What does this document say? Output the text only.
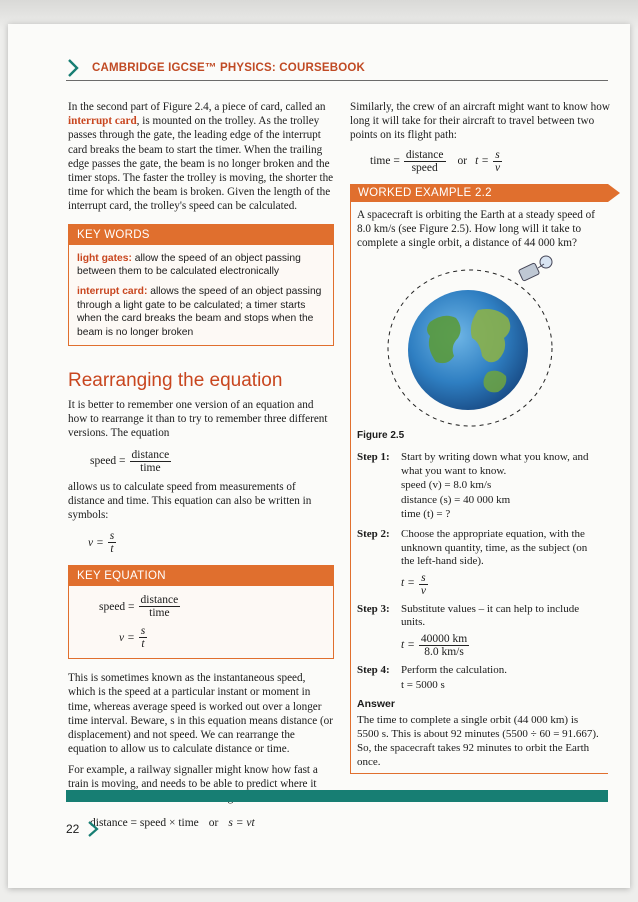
CAMBRIDGE IGCSE™ PHYSICS: COURSEBOOK

In the second part of Figure 2.4, a piece of card, called an interrupt card, is mounted on the trolley. As the trolley passes through the gate, the leading edge of the interrupt card breaks the beam to start the timer. When the trailing edge passes the gate, the beam is no longer broken and the timer stops. The faster the trolley is moving, the shorter the time for which the beam is broken. Given the length of the interrupt card, the trolley's speed can be calculated.

KEY WORDS

light gates: allow the speed of an object passing between them to be calculated electronically

interrupt card: allows the speed of an object passing through a light gate to be calculated; a timer starts when the card breaks the beam and stops when the beam is no longer broken

Rearranging the equation

It is better to remember one version of an equation and how to rearrange it than to try to remember three different versions. The equation

speed = $\frac{\text{distance}}{\text{time}}$

allows us to calculate speed from measurements of distance and time. This equation can also be written in symbols:

$v = \frac{s}{t}$
KEY EQUATION
speed = $\frac{\text{distance}}{\text{time}}$
$v = \frac{s}{t}$

This is sometimes known as the instantaneous speed, which is the speed at a particular instant or moment in time, whereas average speed is worked out over a longer time interval. Beware, s in this equation means distance (or displacement) and not speed. We can rearrange the equation to allow us to calculate distance or time.

For example, a railway signaller might know how fast a train is moving, and needs to be able to predict where it

distance = speed × time or s = vt

Similarly, the crew of an aircraft might want to know how long it will take for their aircraft to travel between two points on its flight path:

time = $\frac{\text{distance}}{\text{speed}}$ or $t = \frac{s}{v}$
WORKED EXAMPLE 2.2

A spacecraft is orbiting the Earth at a steady speed of 8.0 km/s (see Figure 2.5). How long will it take to complete a single orbit, a distance of 44 000 km?

Figure 2.5
Step 1:	Start by writing down what you know, and what you want to know.
speed (v) = 8.0 km/s
distance (s) = 40 000 km
time (t) = ?
Step 2:	Choose the appropriate equation, with the unknown quantity, time, as the subject (on the left-hand side).
$t = \frac{s}{v}$
Step 3:	Substitute values – it can help to include units.
$t = \frac{40000 km}{8.0 km/s}$
Step 4:	Perform the calculation.
t = 5000 s
Answer

The time to complete a single orbit (44 000 km) is 5500 s. This is about 92 minutes (5500 ÷ 60 = 91.667). So, the spacecraft takes 92 minutes to orbit the Earth once.

22
